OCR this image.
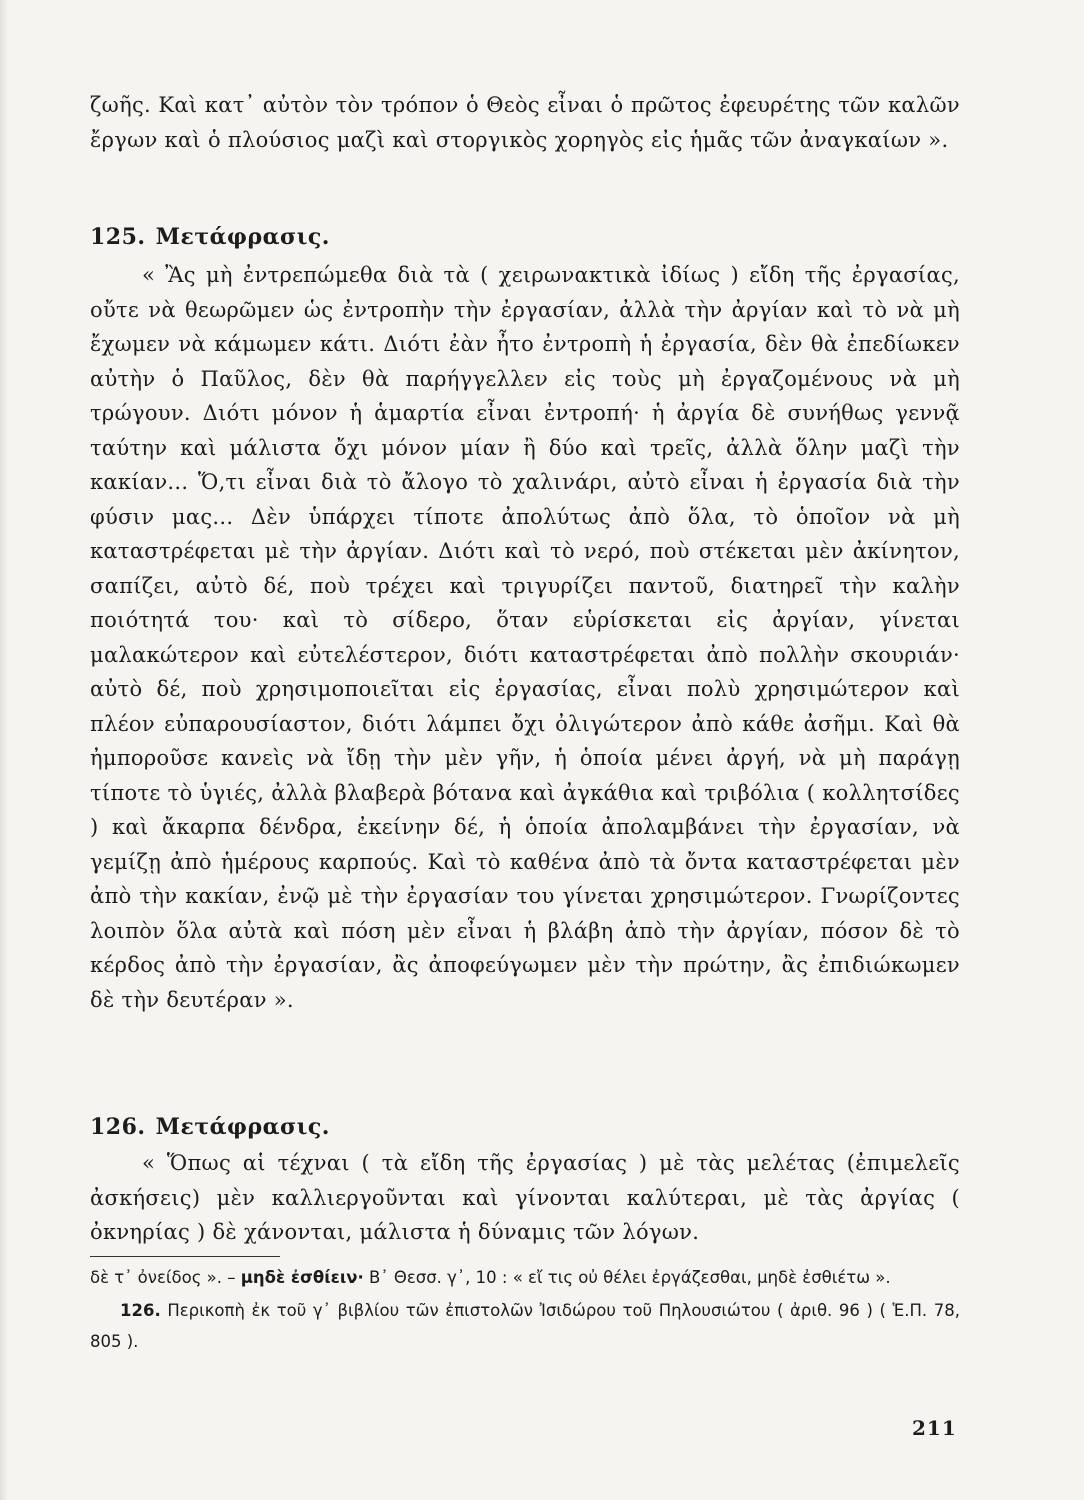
ζωῆς. Καὶ κατ᾽ αὐτὸν τὸν τρόπον ὁ Θεὸς εἶναι ὁ πρῶτος ἐφευρέτης τῶν καλῶν ἔργων καὶ ὁ πλούσιος μαζὶ καὶ στοργικὸς χορηγὸς εἰς ἡμᾶς τῶν ἀναγκαίων ».

125. Μετάφρασις.

« Ἂς μὴ ἐντρεπώμεθα διὰ τὰ ( χειρωνακτικὰ ἰδίως ) εἴδη τῆς ἐργασίας, οὔτε νὰ θεωρῶμεν ὡς ἐντροπὴν τὴν ἐργασίαν, ἀλλὰ τὴν ἀργίαν καὶ τὸ νὰ μὴ ἔχωμεν νὰ κάμωμεν κάτι. Διότι ἐὰν ἦτο ἐντροπὴ ἡ ἐργασία, δὲν θὰ ἐπεδίωκεν αὐτὴν ὁ Παῦλος, δὲν θὰ παρήγγελλεν εἰς τοὺς μὴ ἐργαζομένους νὰ μὴ τρώγουν. Διότι μόνον ἡ ἁμαρτία εἶναι ἐντροπή· ἡ ἀργία δὲ συνήθως γεννᾷ ταύτην καὶ μάλιστα ὄχι μόνον μίαν ἢ δύο καὶ τρεῖς, ἀλλὰ ὅλην μαζὶ τὴν κακίαν... Ὅ,τι εἶναι διὰ τὸ ἄλογο τὸ χαλινάρι, αὐτὸ εἶναι ἡ ἐργασία διὰ τὴν φύσιν μας... Δὲν ὑπάρχει τίποτε ἀπολύτως ἀπὸ ὅλα, τὸ ὁποῖον νὰ μὴ καταστρέφεται μὲ τὴν ἀργίαν. Διότι καὶ τὸ νερό, ποὺ στέκεται μὲν ἀκίνητον, σαπίζει, αὐτὸ δέ, ποὺ τρέχει καὶ τριγυρίζει παντοῦ, διατηρεῖ τὴν καλὴν ποιότητά του· καὶ τὸ σίδερο, ὅταν εὑρίσκεται εἰς ἀργίαν, γίνεται μαλακώτερον καὶ εὐτελέστερον, διότι καταστρέφεται ἀπὸ πολλὴν σκουριάν· αὐτὸ δέ, ποὺ χρησιμοποιεῖται εἰς ἐργασίας, εἶναι πολὺ χρησιμώτερον καὶ πλέον εὐπαρουσίαστον, διότι λάμπει ὄχι ὀλιγώτερον ἀπὸ κάθε ἀσῆμι. Καὶ θὰ ἠμποροῦσε κανεὶς νὰ ἴδῃ τὴν μὲν γῆν, ἡ ὁποία μένει ἀργή, νὰ μὴ παράγῃ τίποτε τὸ ὑγιές, ἀλλὰ βλαβερὰ βότανα καὶ ἀγκάθια καὶ τριβόλια ( κολλητσίδες ) καὶ ἄκαρπα δένδρα, ἐκείνην δέ, ἡ ὁποία ἀπολαμβάνει τὴν ἐργασίαν, νὰ γεμίζῃ ἀπὸ ἡμέρους καρπούς. Καὶ τὸ καθένα ἀπὸ τὰ ὄντα καταστρέφεται μὲν ἀπὸ τὴν κακίαν, ἐνῷ μὲ τὴν ἐργασίαν του γίνεται χρησιμώτερον. Γνωρίζοντες λοιπὸν ὅλα αὐτὰ καὶ πόση μὲν εἶναι ἡ βλάβη ἀπὸ τὴν ἀργίαν, πόσον δὲ τὸ κέρδος ἀπὸ τὴν ἐργασίαν, ἂς ἀποφεύγωμεν μὲν τὴν πρώτην, ἂς ἐπιδιώκωμεν δὲ τὴν δευτέραν ».

126. Μετάφρασις.

« Ὅπως αἱ τέχναι ( τὰ εἴδη τῆς ἐργασίας ) μὲ τὰς μελέτας (ἐπιμελεῖς ἀσκήσεις) μὲν καλλιεργοῦνται καὶ γίνονται καλύτεραι, μὲ τὰς ἀργίας ( ὀκνηρίας ) δὲ χάνονται, μάλιστα ἡ δύναμις τῶν λόγων.

δὲ τ᾽ ὀνείδος ». – μηδὲ ἐσθίειν· Β᾽ Θεσσ. γ᾽, 10 : « εἴ τις οὐ θέλει ἐργάζεσθαι, μηδὲ ἐσθιέτω ».

126. Περικοπὴ ἐκ τοῦ γ᾽ βιβλίου τῶν ἐπιστολῶν Ἰσιδώρου τοῦ Πηλουσιώτου ( ἀριθ. 96 ) ( Ἑ.Π. 78, 805 ).

211
